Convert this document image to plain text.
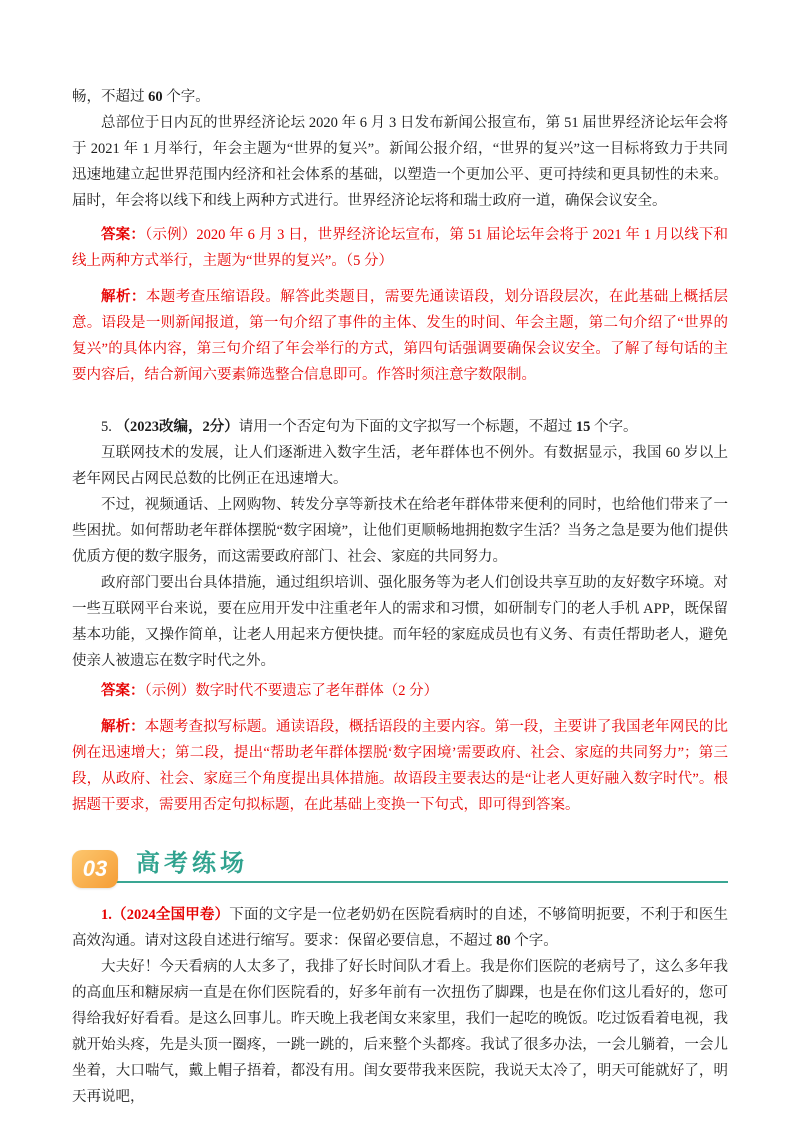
畅，不超过 60 个字。

总部位于日内瓦的世界经济论坛 2020 年 6 月 3 日发布新闻公报宣布，第 51 届世界经济论坛年会将于 2021 年 1 月举行，年会主题为“世界的复兴”。新闻公报介绍，“世界的复兴”这一目标将致力于共同迅速地建立起世界范围内经济和社会体系的基础，以塑造一个更加公平、更可持续和更具韧性的未来。届时，年会将以线下和线上两种方式进行。世界经济论坛将和瑞士政府一道，确保会议安全。

答案：（示例）2020 年 6 月 3 日，世界经济论坛宣布，第 51 届论坛年会将于 2021 年 1 月以线下和线上两种方式举行，主题为“世界的复兴”。（5 分）

解析：本题考查压缩语段。解答此类题目，需要先通读语段，划分语段层次，在此基础上概括层意。语段是一则新闻报道，第一句介绍了事件的主体、发生的时间、年会主题，第二句介绍了“世界的复兴”的具体内容，第三句介绍了年会举行的方式，第四句话强调要确保会议安全。了解了每句话的主要内容后，结合新闻六要素筛选整合信息即可。作答时须注意字数限制。

5. （2023改编，2分）请用一个否定句为下面的文字拟写一个标题，不超过 15 个字。

互联网技术的发展，让人们逐渐进入数字生活，老年群体也不例外。有数据显示，我国 60 岁以上老年网民占网民总数的比例正在迅速增大。

不过，视频通话、上网购物、转发分享等新技术在给老年群体带来便利的同时，也给他们带来了一些困扰。如何帮助老年群体摆脱“数字困境”，让他们更顺畅地拥抱数字生活？当务之急是要为他们提供优质方便的数字服务，而这需要政府部门、社会、家庭的共同努力。

政府部门要出台具体措施，通过组织培训、强化服务等为老人们创设共享互助的友好数字环境。对一些互联网平台来说，要在应用开发中注重老年人的需求和习惯，如研制专门的老人手机 APP，既保留基本功能，又操作简单，让老人用起来方便快捷。而年轻的家庭成员也有义务、有责任帮助老人，避免使亲人被遗忘在数字时代之外。

答案：（示例）数字时代不要遗忘了老年群体（2 分）

解析：本题考查拟写标题。通读语段，概括语段的主要内容。第一段，主要讲了我国老年网民的比例在迅速增大；第二段，提出“帮助老年群体摆脱‘数字困境’需要政府、社会、家庭的共同努力”；第三段，从政府、社会、家庭三个角度提出具体措施。故语段主要表达的是“让老人更好融入数字时代”。根据题干要求，需要用否定句拟标题，在此基础上变换一下句式，即可得到答案。

03	高考练场

1.（2024全国甲卷）下面的文字是一位老奶奶在医院看病时的自述，不够简明扼要，不利于和医生高效沟通。请对这段自述进行缩写。要求：保留必要信息，不超过 80 个字。

大夫好！今天看病的人太多了，我排了好长时间队才看上。我是你们医院的老病号了，这么多年我的高血压和糖尿病一直是在你们医院看的，好多年前有一次扭伤了脚踝，也是在你们这儿看好的，您可得给我好好看看。是这么回事儿。昨天晚上我老闺女来家里，我们一起吃的晚饭。吃过饭看着电视，我就开始头疼，先是头顶一圈疼，一跳一跳的，后来整个头都疼。我试了很多办法，一会儿躺着，一会儿坐着，大口喘气，戴上帽子捂着，都没有用。闺女要带我来医院，我说天太冷了，明天可能就好了，明天再说吧，
